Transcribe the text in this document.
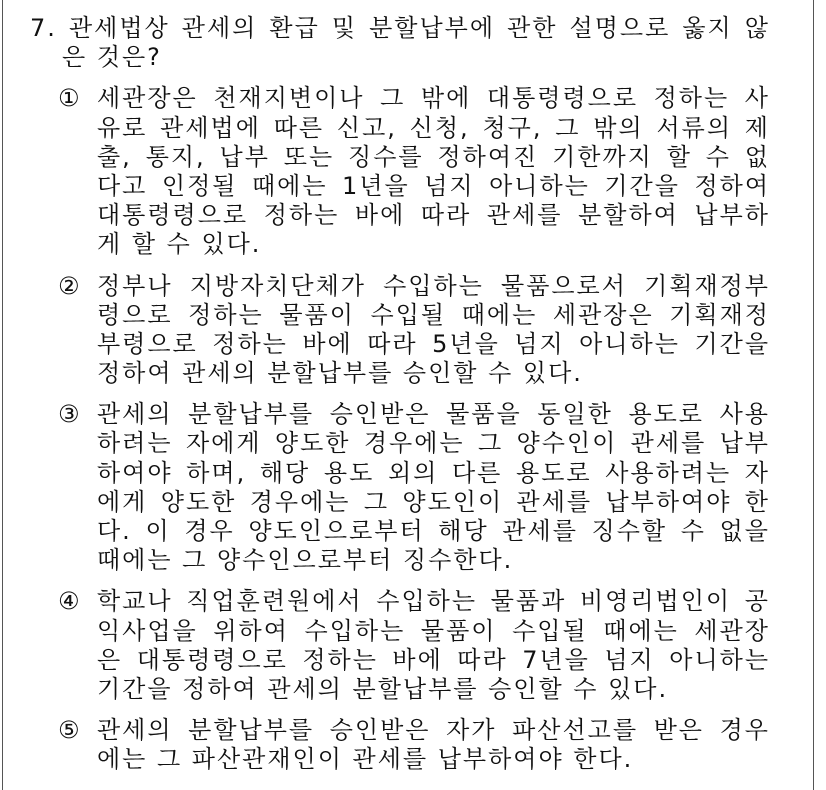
7. 관세법상 관세의 환급 및 분할납부에 관한 설명으로 옳지 않
은 것은?
① 세관장은 천재지변이나 그 밖에 대통령령으로 정하는 사
유로 관세법에 따른 신고, 신청, 청구, 그 밖의 서류의 제
출, 통지, 납부 또는 징수를 정하여진 기한까지 할 수 없
다고 인정될 때에는 1년을 넘지 아니하는 기간을 정하여
대통령령으로 정하는 바에 따라 관세를 분할하여 납부하
게 할 수 있다.
② 정부나 지방자치단체가 수입하는 물품으로서 기획재정부
령으로 정하는 물품이 수입될 때에는 세관장은 기획재정
부령으로 정하는 바에 따라 5년을 넘지 아니하는 기간을
정하여 관세의 분할납부를 승인할 수 있다.
③ 관세의 분할납부를 승인받은 물품을 동일한 용도로 사용
하려는 자에게 양도한 경우에는 그 양수인이 관세를 납부
하여야 하며, 해당 용도 외의 다른 용도로 사용하려는 자
에게 양도한 경우에는 그 양도인이 관세를 납부하여야 한
다. 이 경우 양도인으로부터 해당 관세를 징수할 수 없을
때에는 그 양수인으로부터 징수한다.
④ 학교나 직업훈련원에서 수입하는 물품과 비영리법인이 공
익사업을 위하여 수입하는 물품이 수입될 때에는 세관장
은 대통령령으로 정하는 바에 따라 7년을 넘지 아니하는
기간을 정하여 관세의 분할납부를 승인할 수 있다.
⑤ 관세의 분할납부를 승인받은 자가 파산선고를 받은 경우
에는 그 파산관재인이 관세를 납부하여야 한다.
